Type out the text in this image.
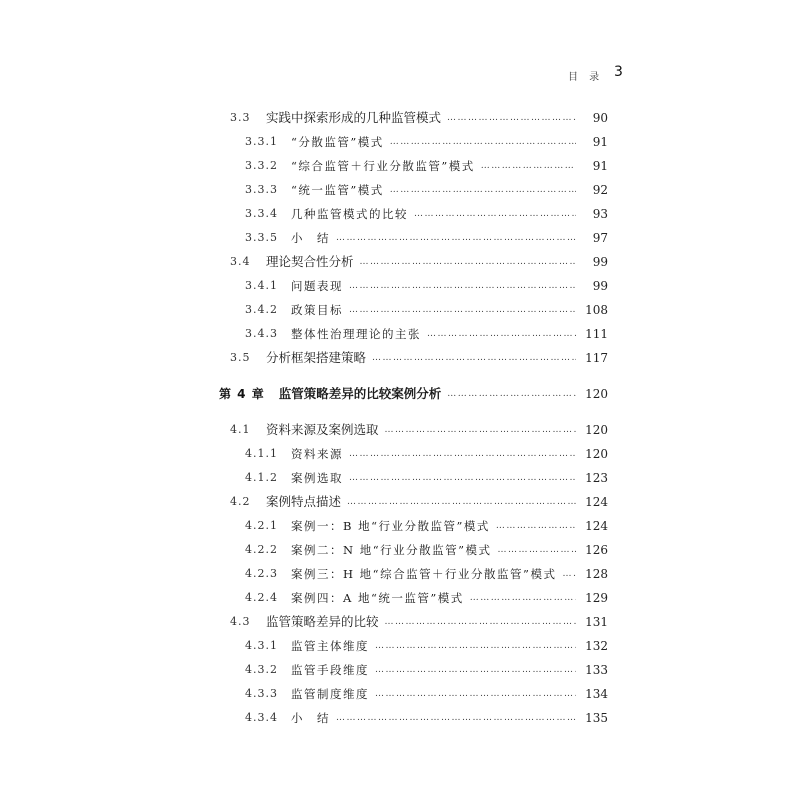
目 录 3
3.3	实践中探索形成的几种监管模式 ………………………………………………………………………………………………………………………………………………………………	90
3.3.1	“分散监管”模式 ………………………………………………………………………………………………………………………………………………………………	91
3.3.2	“综合监管＋行业分散监管”模式 ………………………………………………………………………………………………………………………………………………………………	91
3.3.3	“统一监管”模式 ………………………………………………………………………………………………………………………………………………………………	92
3.3.4	几种监管模式的比较 ………………………………………………………………………………………………………………………………………………………………	93
3.3.5	小　结 ………………………………………………………………………………………………………………………………………………………………	97
3.4	理论契合性分析 ………………………………………………………………………………………………………………………………………………………………	99
3.4.1	问题表现 ………………………………………………………………………………………………………………………………………………………………	99
3.4.2	政策目标 ………………………………………………………………………………………………………………………………………………………………	108
3.4.3	整体性治理理论的主张 ………………………………………………………………………………………………………………………………………………………………	111
3.5	分析框架搭建策略 ………………………………………………………………………………………………………………………………………………………………	117
第 4 章 监管策略差异的比较案例分析 ………………………………………………………………………………………………………………………………………………………………	120
4.1	资料来源及案例选取 ………………………………………………………………………………………………………………………………………………………………	120
4.1.1	资料来源 ………………………………………………………………………………………………………………………………………………………………	120
4.1.2	案例选取 ………………………………………………………………………………………………………………………………………………………………	123
4.2	案例特点描述 ………………………………………………………………………………………………………………………………………………………………	124
4.2.1	案例一：B 地“行业分散监管”模式 ………………………………………………………………………………………………………………………………………………………………	124
4.2.2	案例二：N 地“行业分散监管”模式 ………………………………………………………………………………………………………………………………………………………………	126
4.2.3	案例三：H 地“综合监管＋行业分散监管”模式 ……………………………………………………………………………………………………………………………………………………………… 128
4.2.4	案例四：A 地“统一监管”模式 ………………………………………………………………………………………………………………………………………………………………	129
4.3	监管策略差异的比较 ………………………………………………………………………………………………………………………………………………………………	131
4.3.1	监管主体维度 ………………………………………………………………………………………………………………………………………………………………	132
4.3.2	监管手段维度 ………………………………………………………………………………………………………………………………………………………………	133
4.3.3	监管制度维度 ………………………………………………………………………………………………………………………………………………………………	134
4.3.4	小　结 ………………………………………………………………………………………………………………………………………………………………	135
